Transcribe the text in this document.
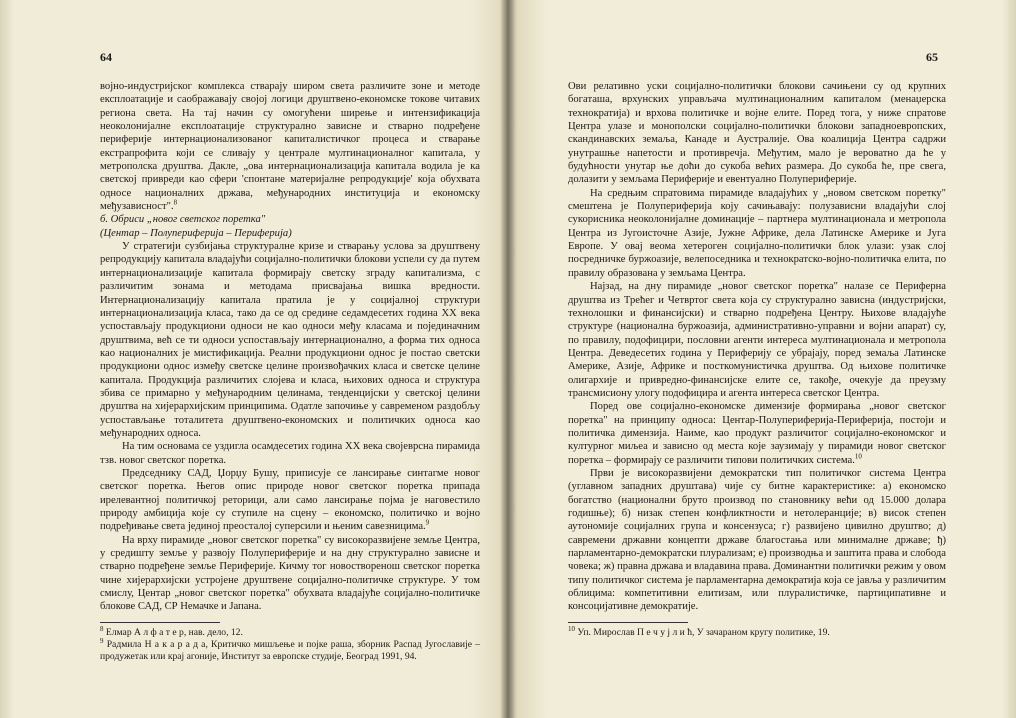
64

војно-индустријског комплекса стварају широм света различите зоне и методе експлоатације и саображавају својој логици друштвено-економске токове читавих региона света. На тај начин су омогућени ширење и интензификација неоколонијалне експлоатације структурално зависне и стварно подређене периферије интернационализованог капиталистичког процеса и стварање екстрапрофита који се сливају у централе мултинационалног капитала, у метрополска друштва. Дакле, „ова интернационализација капитала водила је ка светској привреди као сфери 'спонтане материјалне репродукције' која обухвата односе националних држава, међународних институција и економску међузависност".$^8$

б. Обриси „новог светског поретка"

(Центар – Полупериферија – Периферија)

У стратегији сузбијања структуралне кризе и стварању услова за друштвену репродукцију капитала владајући социјално-политички блокови успели су да путем интернационализације капитала формирају светску зграду капитализма, с различитим зонама и методама присвајања вишка вредности. Интернационализацију капитала пратила је у социјалној структури интернационализација класа, тако да се од средине седамдесетих година XX века успостављају продукциони односи не као односи међу класама и појединачним друштвима, већ се ти односи успостављају интернационално, а форма тих односа као националних је мистификација. Реални продукциони однос је постао светски продукциони однос између светске целине произвођачких класа и светске целине капитала. Продукција различитих слојева и класа, њихових односа и структура збива се примарно у међународним целинама, тенденцијски у светској целини друштва на хијерархијским принципима. Одатле започиње у савременом раздобљу успостављање тоталитета друштвено-економских и политичких односа као међународних односа.

На тим основама се уздигла осамдесетих година XX века својеврсна пирамида тзв. новог светског поретка.

Председнику САД, Џорџу Бушу, приписује се лансирање синтагме новог светског поретка. Његов опис природе новог светског поретка припада ирелевантној политичкој реторици, али само лансирање појма је наговестило природу амбиција које су ступиле на сцену – економско, политичко и војно подређивање света јединој преосталој суперсили и њеним савезницима.$^9$

На врху пирамиде „новог светског поретка" су високоразвијене земље Центра, у средишту земље у развоју Полупериферије и на дну структурално зависне и стварно подређене земље Периферије. Кичму тог новостворенош светског поретка чине хијерархијски устројене друштвене социјално-политичке структуре. У том смислу, Центар „новог светског поретка" обухвата владајуће социјално-политичке блокове САД, СР Немачке и Јапана.

$^8$ Елмар А л ф а т е р, нав. дело, 12.

$^9$ Радмила Н а к а р а д а, Критичко мишљење и појке раша, зборник Распад Југославије – продужетак или крај агоније, Институт за европске студије, Београд 1991, 94.

65

Ови релативно уски социјално-политички блокови сачињени су од крупних богаташа, врхунских управљача мултинационалним капиталом (менаџерска технократија) и врхова политичке и војне елите. Поред тога, у ниже спратове Центра улазе и монополски социјално-политички блокови западноевропских, скандинавских земаља, Канаде и Аустралије. Ова коалиција Центра садржи унутрашње напетости и противречја. Међутим, мало је вероватно да ће у будућности унутар ње доћи до сукоба већих размера. До сукоба ће, пре свега, долазити у земљама Периферије и евентуално Полупериферије.

На средњим спратовима пирамиде владајућих у „новом светском поретку" смештена је Полупериферија коју сачињавају: полузависни владајући слој сукорисника неоколонијалне доминације – партнера мултинационала и метропола Центра из Југоисточне Азије, Јужне Африке, дела Латинске Америке и Југа Европе. У овај веома хетероген социјално-политички блок улази: узак слој посредничке буржоазије, велепоседника и технократско-војно-политичка елита, по правилу образована у земљама Центра.

Најзад, на дну пирамиде „новог светског поретка" налазе се Периферна друштва из Трећег и Четвртог света која су структурално зависна (индустријски, технолошки и финансијски) и стварно подређена Центру. Њихове владајуће структуре (национална буржоазија, административно-управни и војни апарат) су, по правилу, подофицири, пословни агенти интереса мултинационала и метропола Центра. Деведесетих година у Периферију се убрајају, поред земаља Латинске Америке, Азије, Африке и посткомунистичка друштва. Од њихове политичке олигархије и привредно-финансијске елите се, такође, очекује да преузму трансмисиону улогу подофицира и агента интереса светског Центра.

Поред ове социјално-економске димензије формирања „новог светског поретка" на принципу односа: Центар-Полупериферија-Периферија, постоји и политичка димензија. Наиме, као продукт различитог социјално-економског и културног миљеа и зависно од места које заузимају у пирамиди новог светског поретка – формирају се различити типови политичких система.$^{10}$

Први је високоразвијени демократски тип политичког система Центра (углавном западних друштава) чије су битне карактеристике: а) економско богатство (национални бруто производ по становнику већи од 15.000 долара годишње); б) низак степен конфликтности и нетолеранције; в) висок степен аутономије социјалних група и консензуса; г) развијено цивилно друштво; д) савремени државни концепти државе благостања или минималне државе; ђ) парламентарно-демократски плурализам; е) производња и заштита права и слобода човека; ж) правна држава и владавина права. Доминантни политички режим у овом типу политичког система је парламентарна демократија која се јавља у различитим облицима: компетитивни елитизам, или плуралистичке, партиципативне и консоцијативне демократије.

$^{10}$ Уп. Мирослав П е ч у ј л и ћ, У зачараном кругу политике, 19.
